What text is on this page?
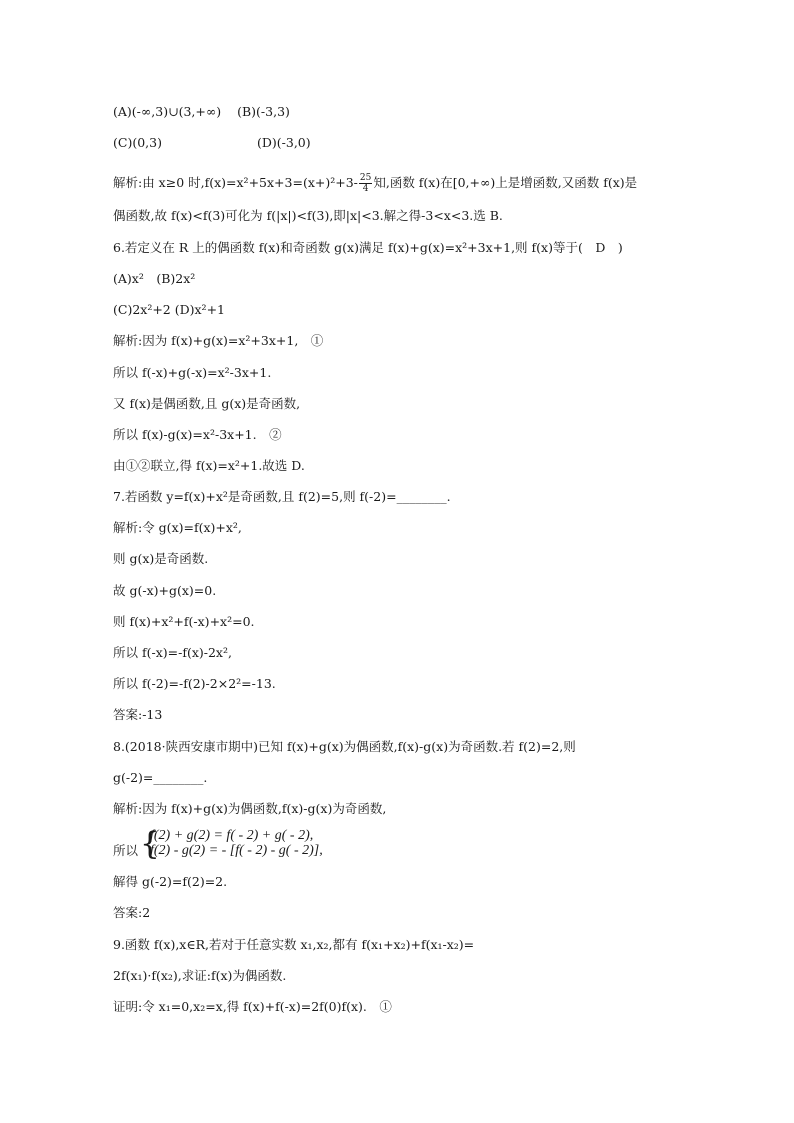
(A)(-∞,3)∪(3,+∞) (B)(-3,3)
(C)(0,3)	(D)(-3,0)
解析:由 x≥0 时$,f(x)=x^2+5x+3=(x+)^2+3- \frac{25}{4}$ 知,函数 f(x)在[0,+∞)上是增函数,又函数 f(x)是
偶函数,故 f(x)<f(3)可化为 f(|x|)<f(3),即|x|<3.解之得-3<x<3.选 B.
6.若定义在 R 上的偶函数 f(x)和奇函数 g(x)满足 f(x)+g(x)=x²+3x+1,则 f(x)等于(　D　)
(A)x²　(B)2x²
(C)2x²+2 (D)x²+1
解析:因为 f(x)+g(x)=x²+3x+1,　①
所以 f(-x)+g(-x)=x²-3x+1.
又 f(x)是偶函数,且 g(x)是奇函数,
所以 f(x)-g(x)=x²-3x+1.　②
由①②联立,得 f(x)=x²+1.故选 D.
7.若函数 y=f(x)+x²是奇函数,且 f(2)=5,则 f(-2)=________.
解析:令 g(x)=f(x)+x²,
则 g(x)是奇函数.
故 g(-x)+g(x)=0.
则 f(x)+x²+f(-x)+x²=0.
所以 f(-x)=-f(x)-2x²,
所以 f(-2)=-f(2)-2×2²=-13.
答案:-13
8.(2018·陕西安康市期中)已知 f(x)+g(x)为偶函数,f(x)-g(x)为奇函数.若 f(2)=2,则
g(-2)=________.
解析:因为 f(x)+g(x)为偶函数,f(x)-g(x)为奇函数,
所以 {
f(2) + g(2) = f( - 2) + g( - 2),
f(2) - g(2) = - [f( - 2) - g( - 2)],
解得 g(-2)=f(2)=2.
答案:2
9.函数 f(x),x∈R,若对于任意实数 x₁,x₂,都有 f(x₁+x₂)+f(x₁-x₂)=
2f(x₁)·f(x₂),求证:f(x)为偶函数.
证明:令 x₁=0,x₂=x,得 f(x)+f(-x)=2f(0)f(x).　①
